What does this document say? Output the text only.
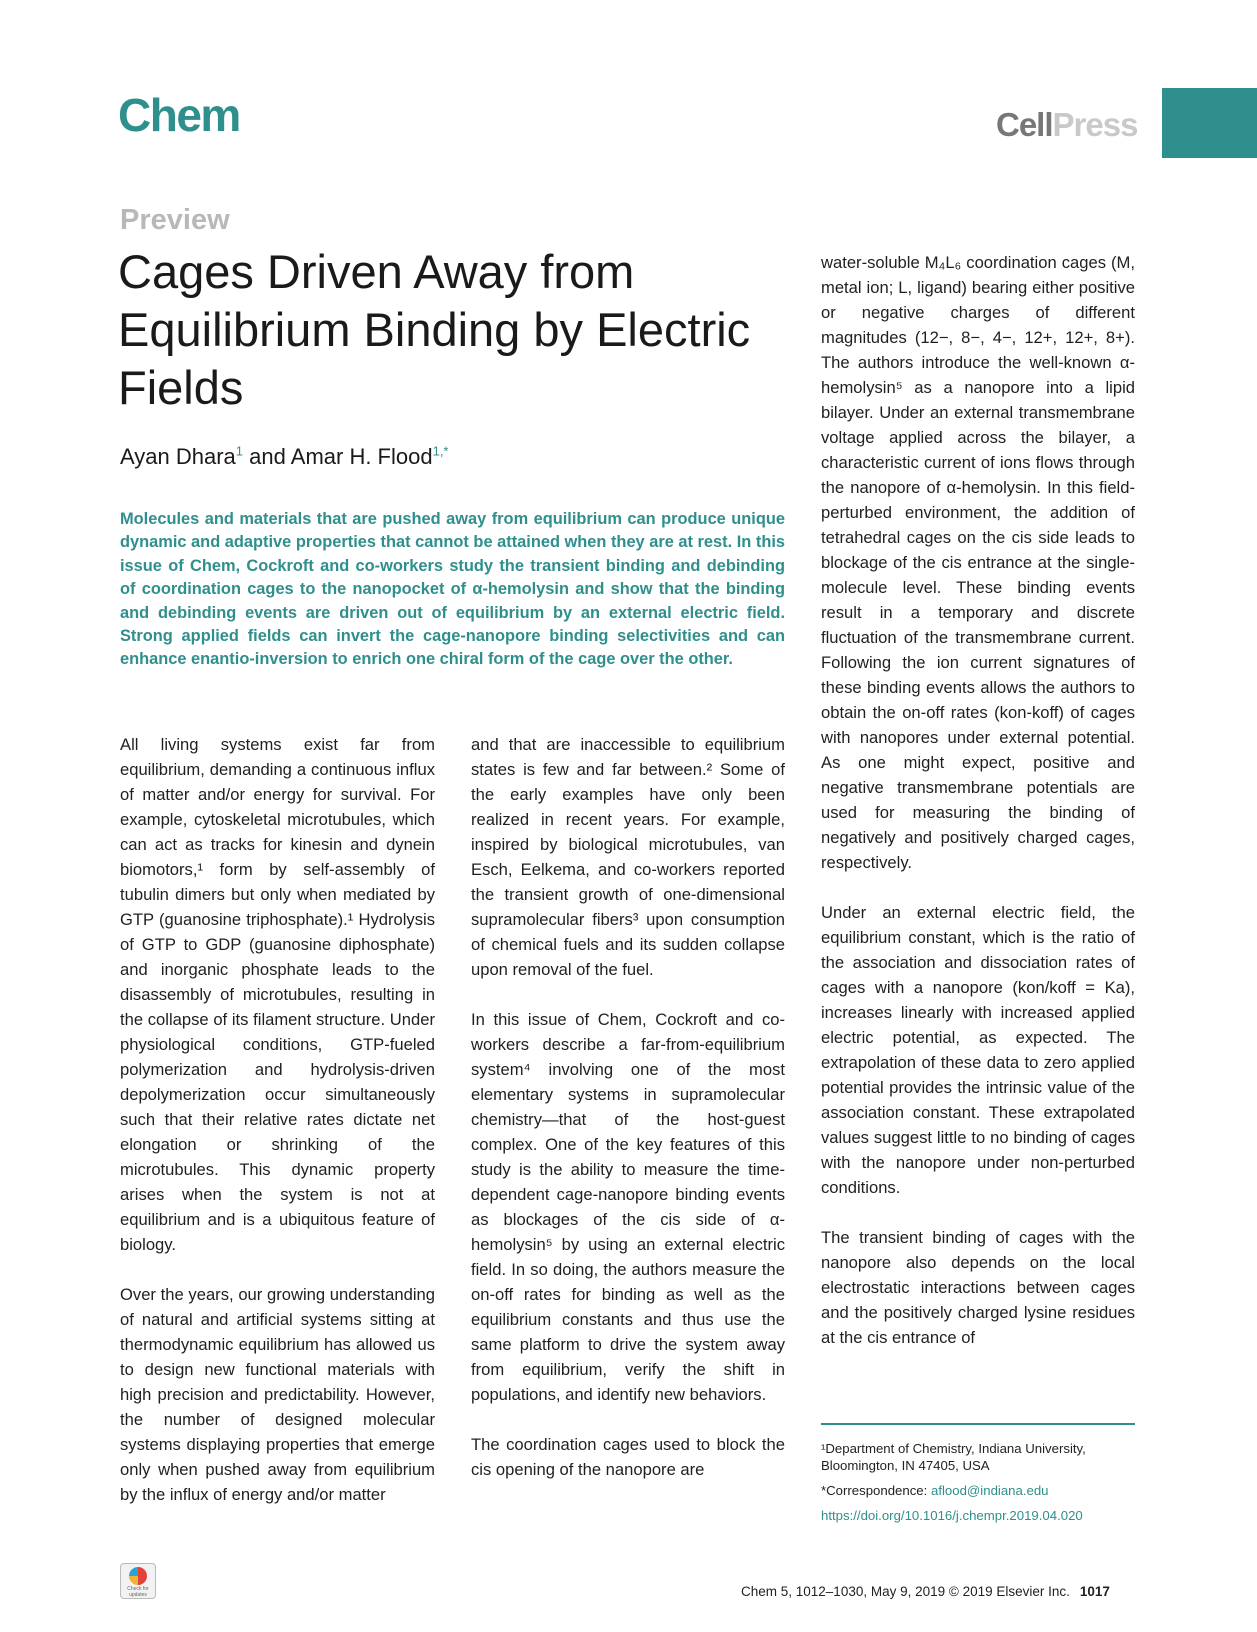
Chem	CellPress
Preview
Cages Driven Away from Equilibrium Binding by Electric Fields
Ayan Dhara$^1$ and Amar H. Flood$^{1,*}$
Molecules and materials that are pushed away from equilibrium can produce unique dynamic and adaptive properties that cannot be attained when they are at rest. In this issue of Chem, Cockroft and co-workers study the transient binding and debinding of coordination cages to the nanopocket of α-hemolysin and show that the binding and debinding events are driven out of equilibrium by an external electric field. Strong applied fields can invert the cage-nanopore binding selectivities and can enhance enantio-inversion to enrich one chiral form of the cage over the other.

All living systems exist far from equilibrium, demanding a continuous influx of matter and/or energy for survival. For example, cytoskeletal microtubules, which can act as tracks for kinesin and dynein biomotors,¹ form by self-assembly of tubulin dimers but only when mediated by GTP (guanosine triphosphate).¹ Hydrolysis of GTP to GDP (guanosine diphosphate) and inorganic phosphate leads to the disassembly of microtubules, resulting in the collapse of its filament structure. Under physiological conditions, GTP-fueled polymerization and hydrolysis-driven depolymerization occur simultaneously such that their relative rates dictate net elongation or shrinking of the microtubules. This dynamic property arises when the system is not at equilibrium and is a ubiquitous feature of biology.

Over the years, our growing understanding of natural and artificial systems sitting at thermodynamic equilibrium has allowed us to design new functional materials with high precision and predictability. However, the number of designed molecular systems displaying properties that emerge only when pushed away from equilibrium by the influx of energy and/or matter

and that are inaccessible to equilibrium states is few and far between.² Some of the early examples have only been realized in recent years. For example, inspired by biological microtubules, van Esch, Eelkema, and co-workers reported the transient growth of one-dimensional supramolecular fibers³ upon consumption of chemical fuels and its sudden collapse upon removal of the fuel.

In this issue of Chem, Cockroft and co-workers describe a far-from-equilibrium system⁴ involving one of the most elementary systems in supramolecular chemistry—that of the host-guest complex. One of the key features of this study is the ability to measure the time-dependent cage-nanopore binding events as blockages of the cis side of α-hemolysin⁵ by using an external electric field. In so doing, the authors measure the on-off rates for binding as well as the equilibrium constants and thus use the same platform to drive the system away from equilibrium, verify the shift in populations, and identify new behaviors.

The coordination cages used to block the cis opening of the nanopore are

water-soluble M₄L₆ coordination cages (M, metal ion; L, ligand) bearing either positive or negative charges of different magnitudes (12−, 8−, 4−, 12+, 12+, 8+). The authors introduce the well-known α-hemolysin⁵ as a nanopore into a lipid bilayer. Under an external transmembrane voltage applied across the bilayer, a characteristic current of ions flows through the nanopore of α-hemolysin. In this field-perturbed environment, the addition of tetrahedral cages on the cis side leads to blockage of the cis entrance at the single-molecule level. These binding events result in a temporary and discrete fluctuation of the transmembrane current. Following the ion current signatures of these binding events allows the authors to obtain the on-off rates (kon-koff) of cages with nanopores under external potential. As one might expect, positive and negative transmembrane potentials are used for measuring the binding of negatively and positively charged cages, respectively.

Under an external electric field, the equilibrium constant, which is the ratio of the association and dissociation rates of cages with a nanopore (kon/koff = Ka), increases linearly with increased applied electric potential, as expected. The extrapolation of these data to zero applied potential provides the intrinsic value of the association constant. These extrapolated values suggest little to no binding of cages with the nanopore under non-perturbed conditions.

The transient binding of cages with the nanopore also depends on the local electrostatic interactions between cages and the positively charged lysine residues at the cis entrance of

¹Department of Chemistry, Indiana University, Bloomington, IN 47405, USA
*Correspondence: aflood@indiana.edu
https://doi.org/10.1016/j.chempr.2019.04.020
Check for updates	Chem 5, 1012–1030, May 9, 2019 © 2019 Elsevier Inc. 1017
